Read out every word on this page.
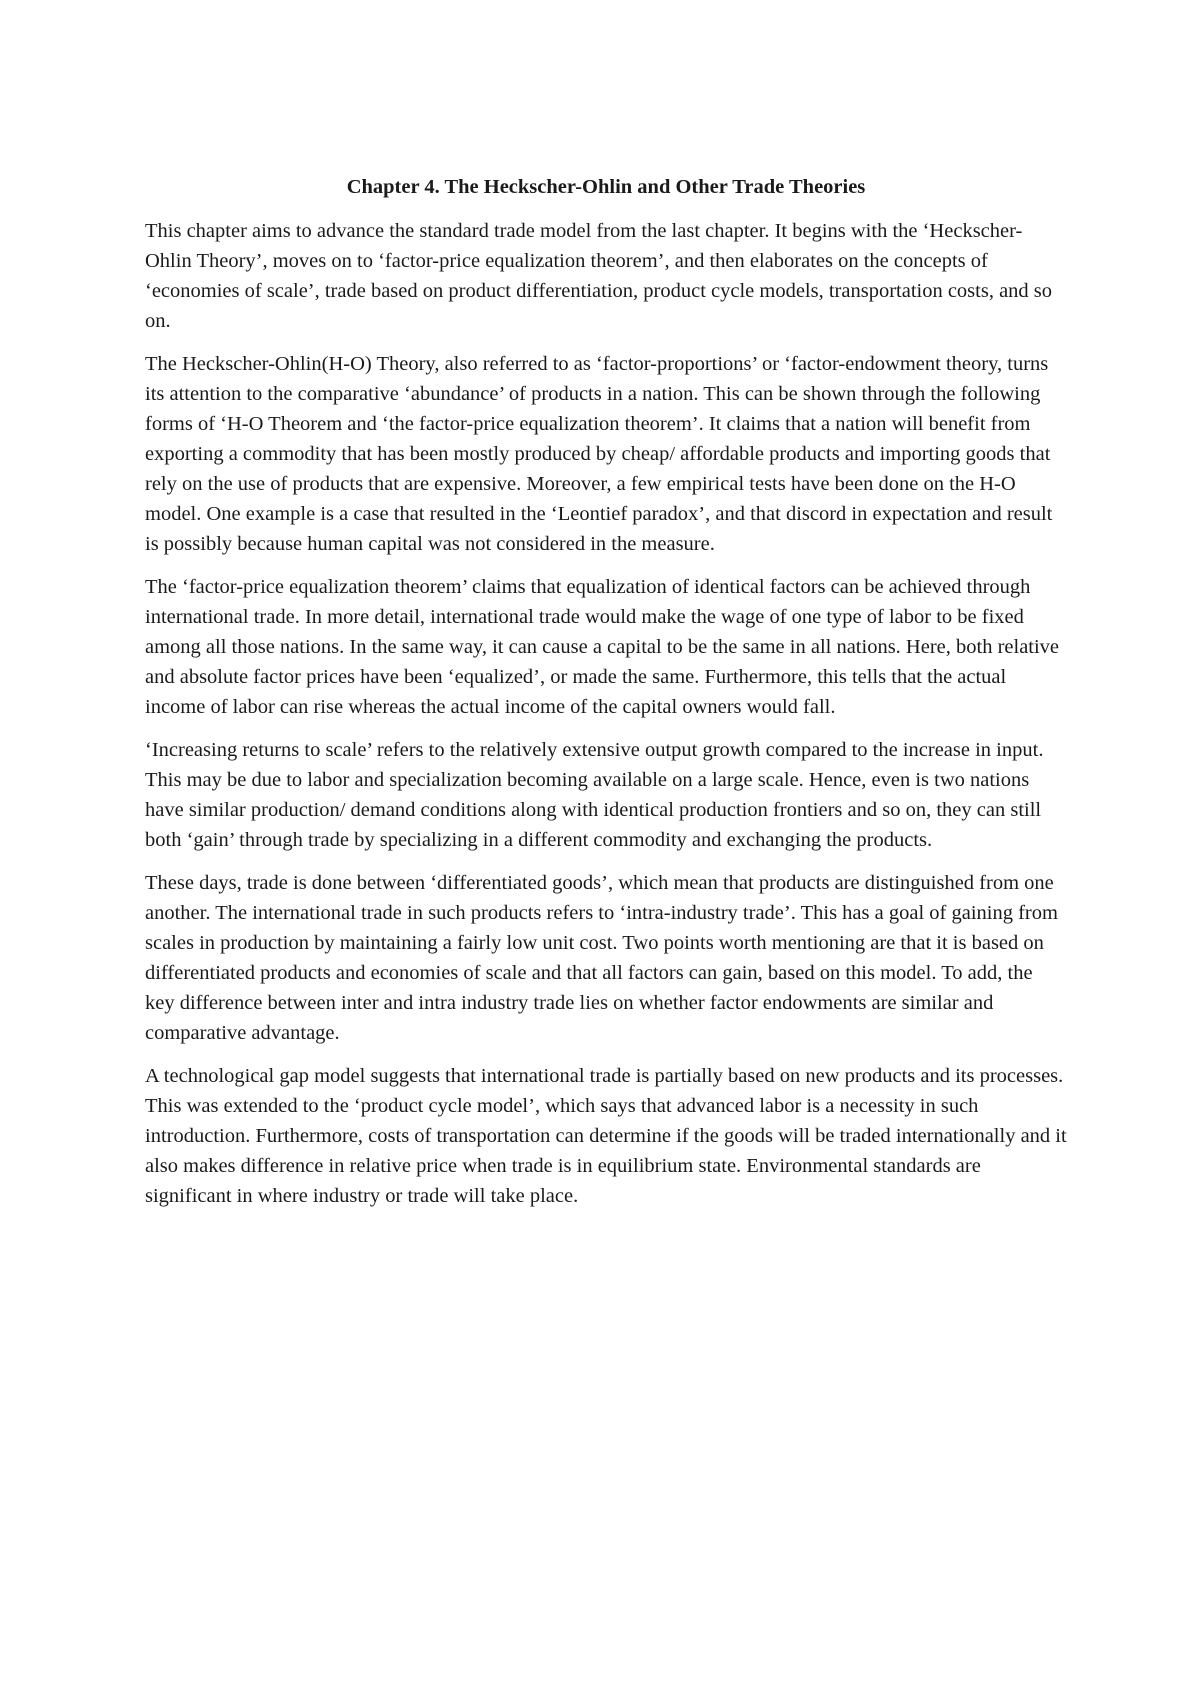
Chapter 4. The Heckscher-Ohlin and Other Trade Theories

This chapter aims to advance the standard trade model from the last chapter. It begins with the ‘Heckscher-Ohlin Theory’, moves on to ‘factor-price equalization theorem’, and then elaborates on the concepts of ‘economies of scale’, trade based on product differentiation, product cycle models, transportation costs, and so on.

The Heckscher-Ohlin(H-O) Theory, also referred to as ‘factor-proportions’ or ‘factor-endowment theory, turns its attention to the comparative ‘abundance’ of products in a nation. This can be shown through the following forms of ‘H-O Theorem and ‘the factor-price equalization theorem’. It claims that a nation will benefit from exporting a commodity that has been mostly produced by cheap/ affordable products and importing goods that rely on the use of products that are expensive. Moreover, a few empirical tests have been done on the H-O model. One example is a case that resulted in the ‘Leontief paradox’, and that discord in expectation and result is possibly because human capital was not considered in the measure.

The ‘factor-price equalization theorem’ claims that equalization of identical factors can be achieved through international trade. In more detail, international trade would make the wage of one type of labor to be fixed among all those nations. In the same way, it can cause a capital to be the same in all nations. Here, both relative and absolute factor prices have been ‘equalized’, or made the same. Furthermore, this tells that the actual income of labor can rise whereas the actual income of the capital owners would fall.

‘Increasing returns to scale’ refers to the relatively extensive output growth compared to the increase in input. This may be due to labor and specialization becoming available on a large scale. Hence, even is two nations have similar production/ demand conditions along with identical production frontiers and so on, they can still both ‘gain’ through trade by specializing in a different commodity and exchanging the products.

These days, trade is done between ‘differentiated goods’, which mean that products are distinguished from one another. The international trade in such products refers to ‘intra-industry trade’. This has a goal of gaining from scales in production by maintaining a fairly low unit cost. Two points worth mentioning are that it is based on differentiated products and economies of scale and that all factors can gain, based on this model. To add, the key difference between inter and intra industry trade lies on whether factor endowments are similar and comparative advantage.

A technological gap model suggests that international trade is partially based on new products and its processes. This was extended to the ‘product cycle model’, which says that advanced labor is a necessity in such introduction. Furthermore, costs of transportation can determine if the goods will be traded internationally and it also makes difference in relative price when trade is in equilibrium state. Environmental standards are significant in where industry or trade will take place.
